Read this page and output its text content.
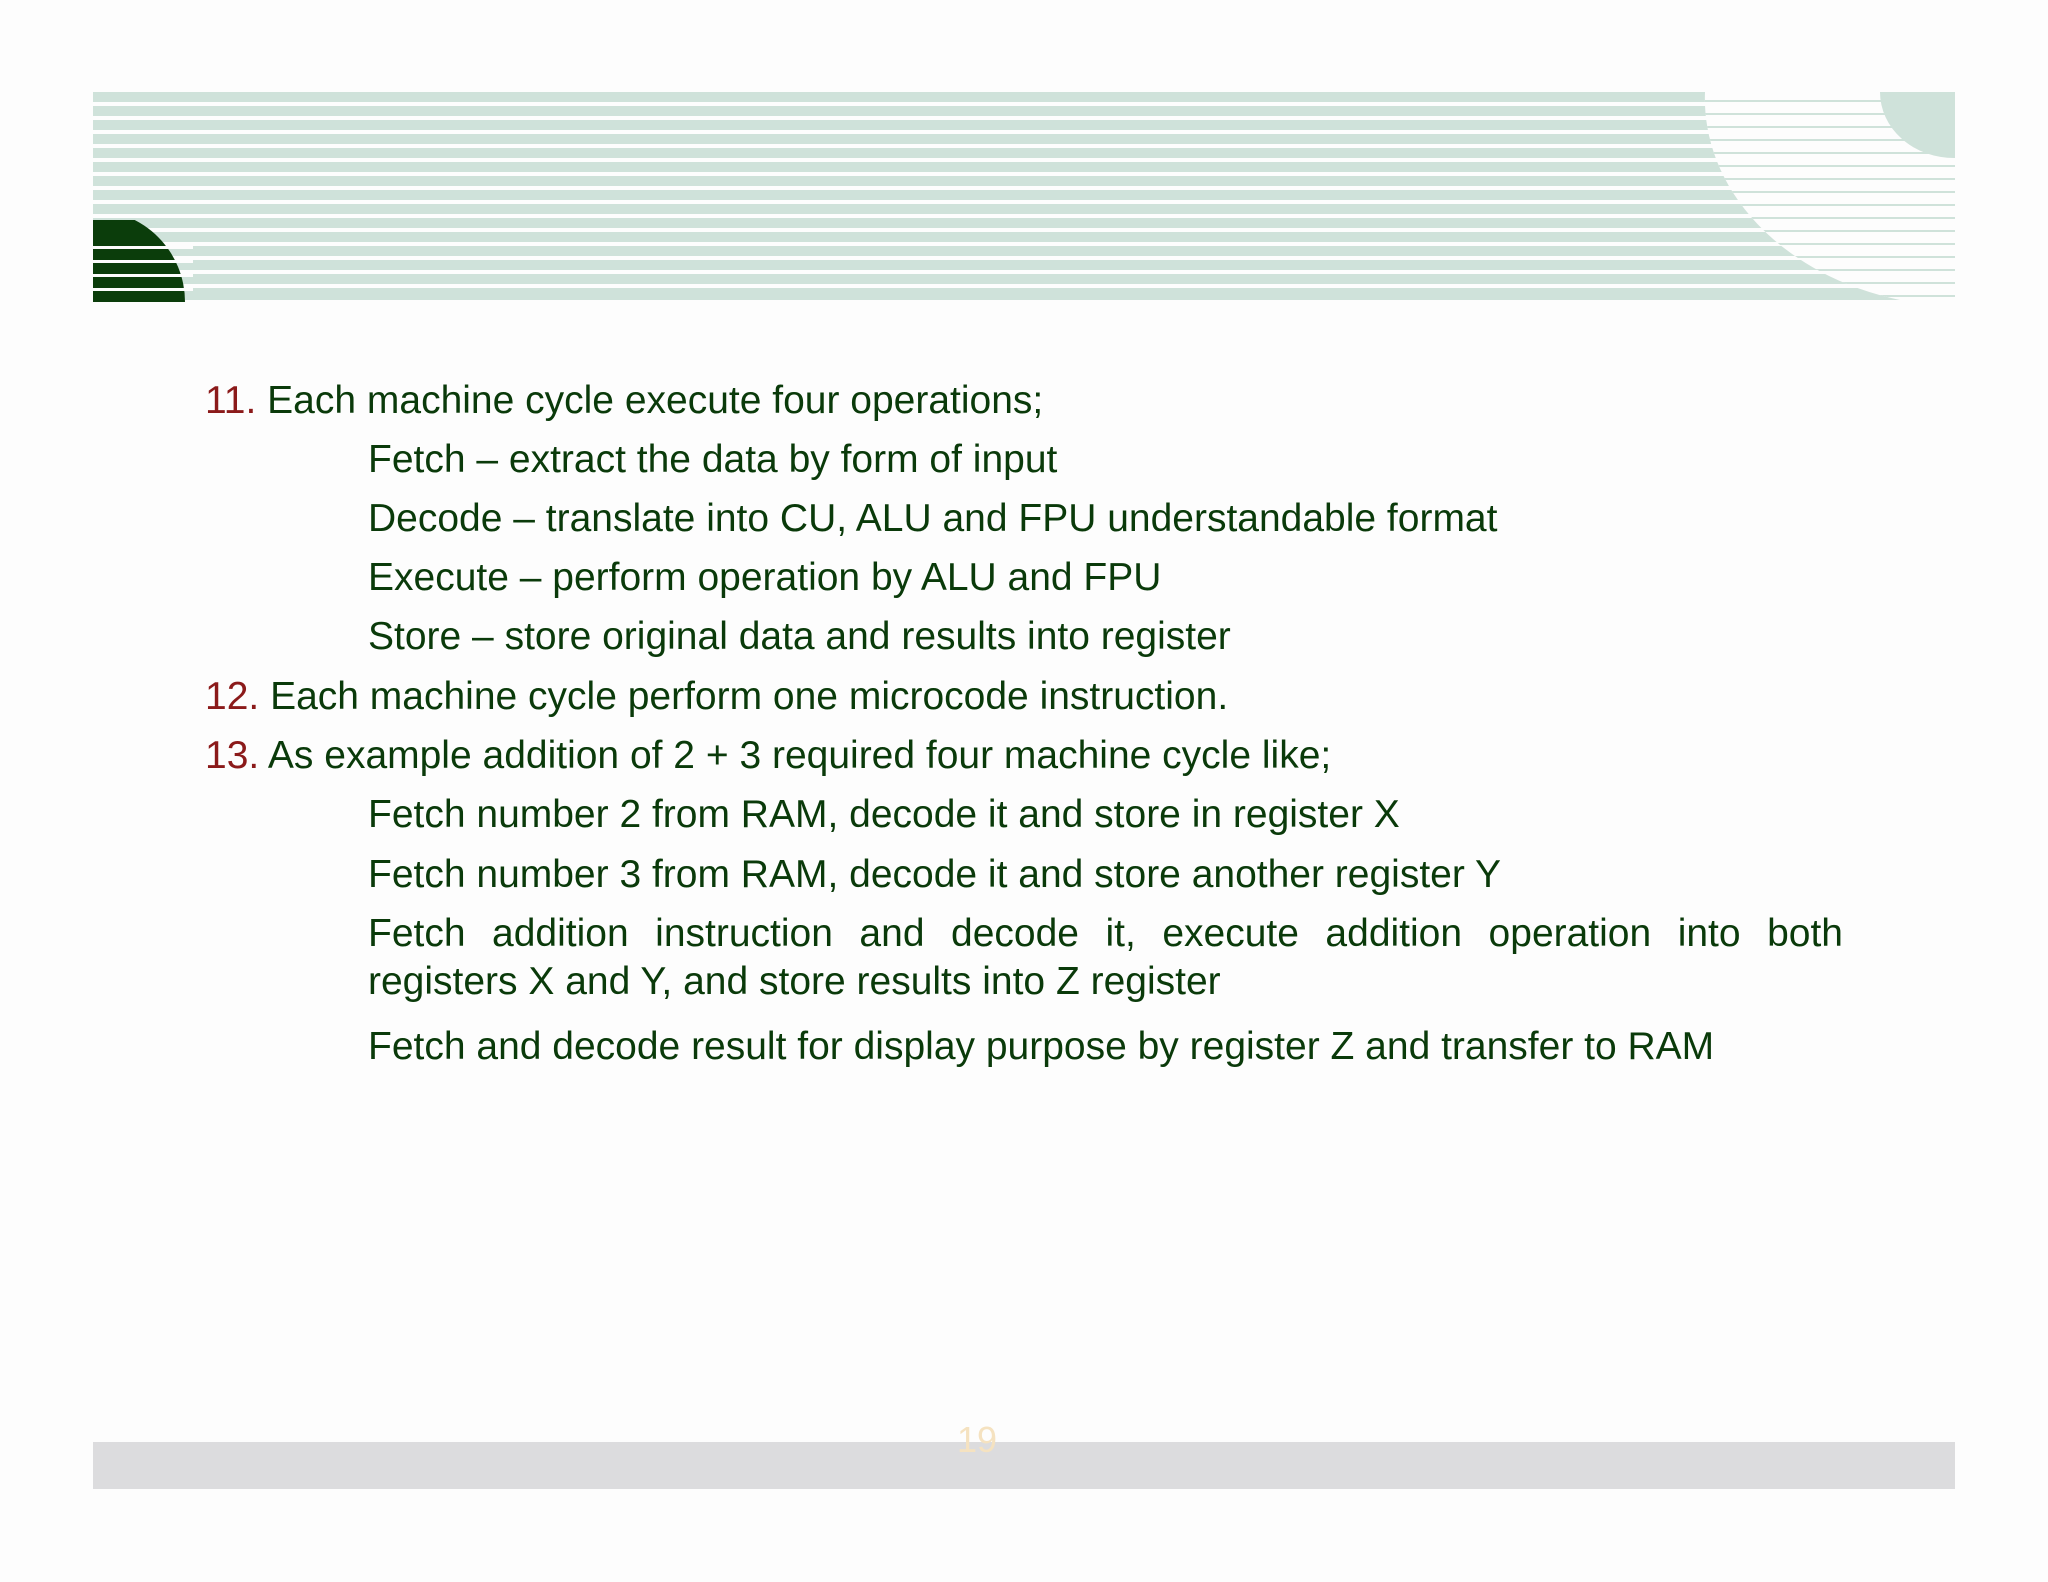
11. Each machine cycle execute four operations;
Fetch – extract the data by form of input
Decode – translate into CU, ALU and FPU understandable format
Execute – perform operation by ALU and FPU
Store – store original data and results into register
12. Each machine cycle perform one microcode instruction.
13. As example addition of 2 + 3 required four machine cycle like;
Fetch number 2 from RAM, decode it and store in register X
Fetch number 3 from RAM, decode it and store another register Y
Fetch addition instruction and decode it, execute addition operation into both registers X and Y, and store results into Z register
Fetch and decode result for display purpose by register Z and transfer to RAM
19
